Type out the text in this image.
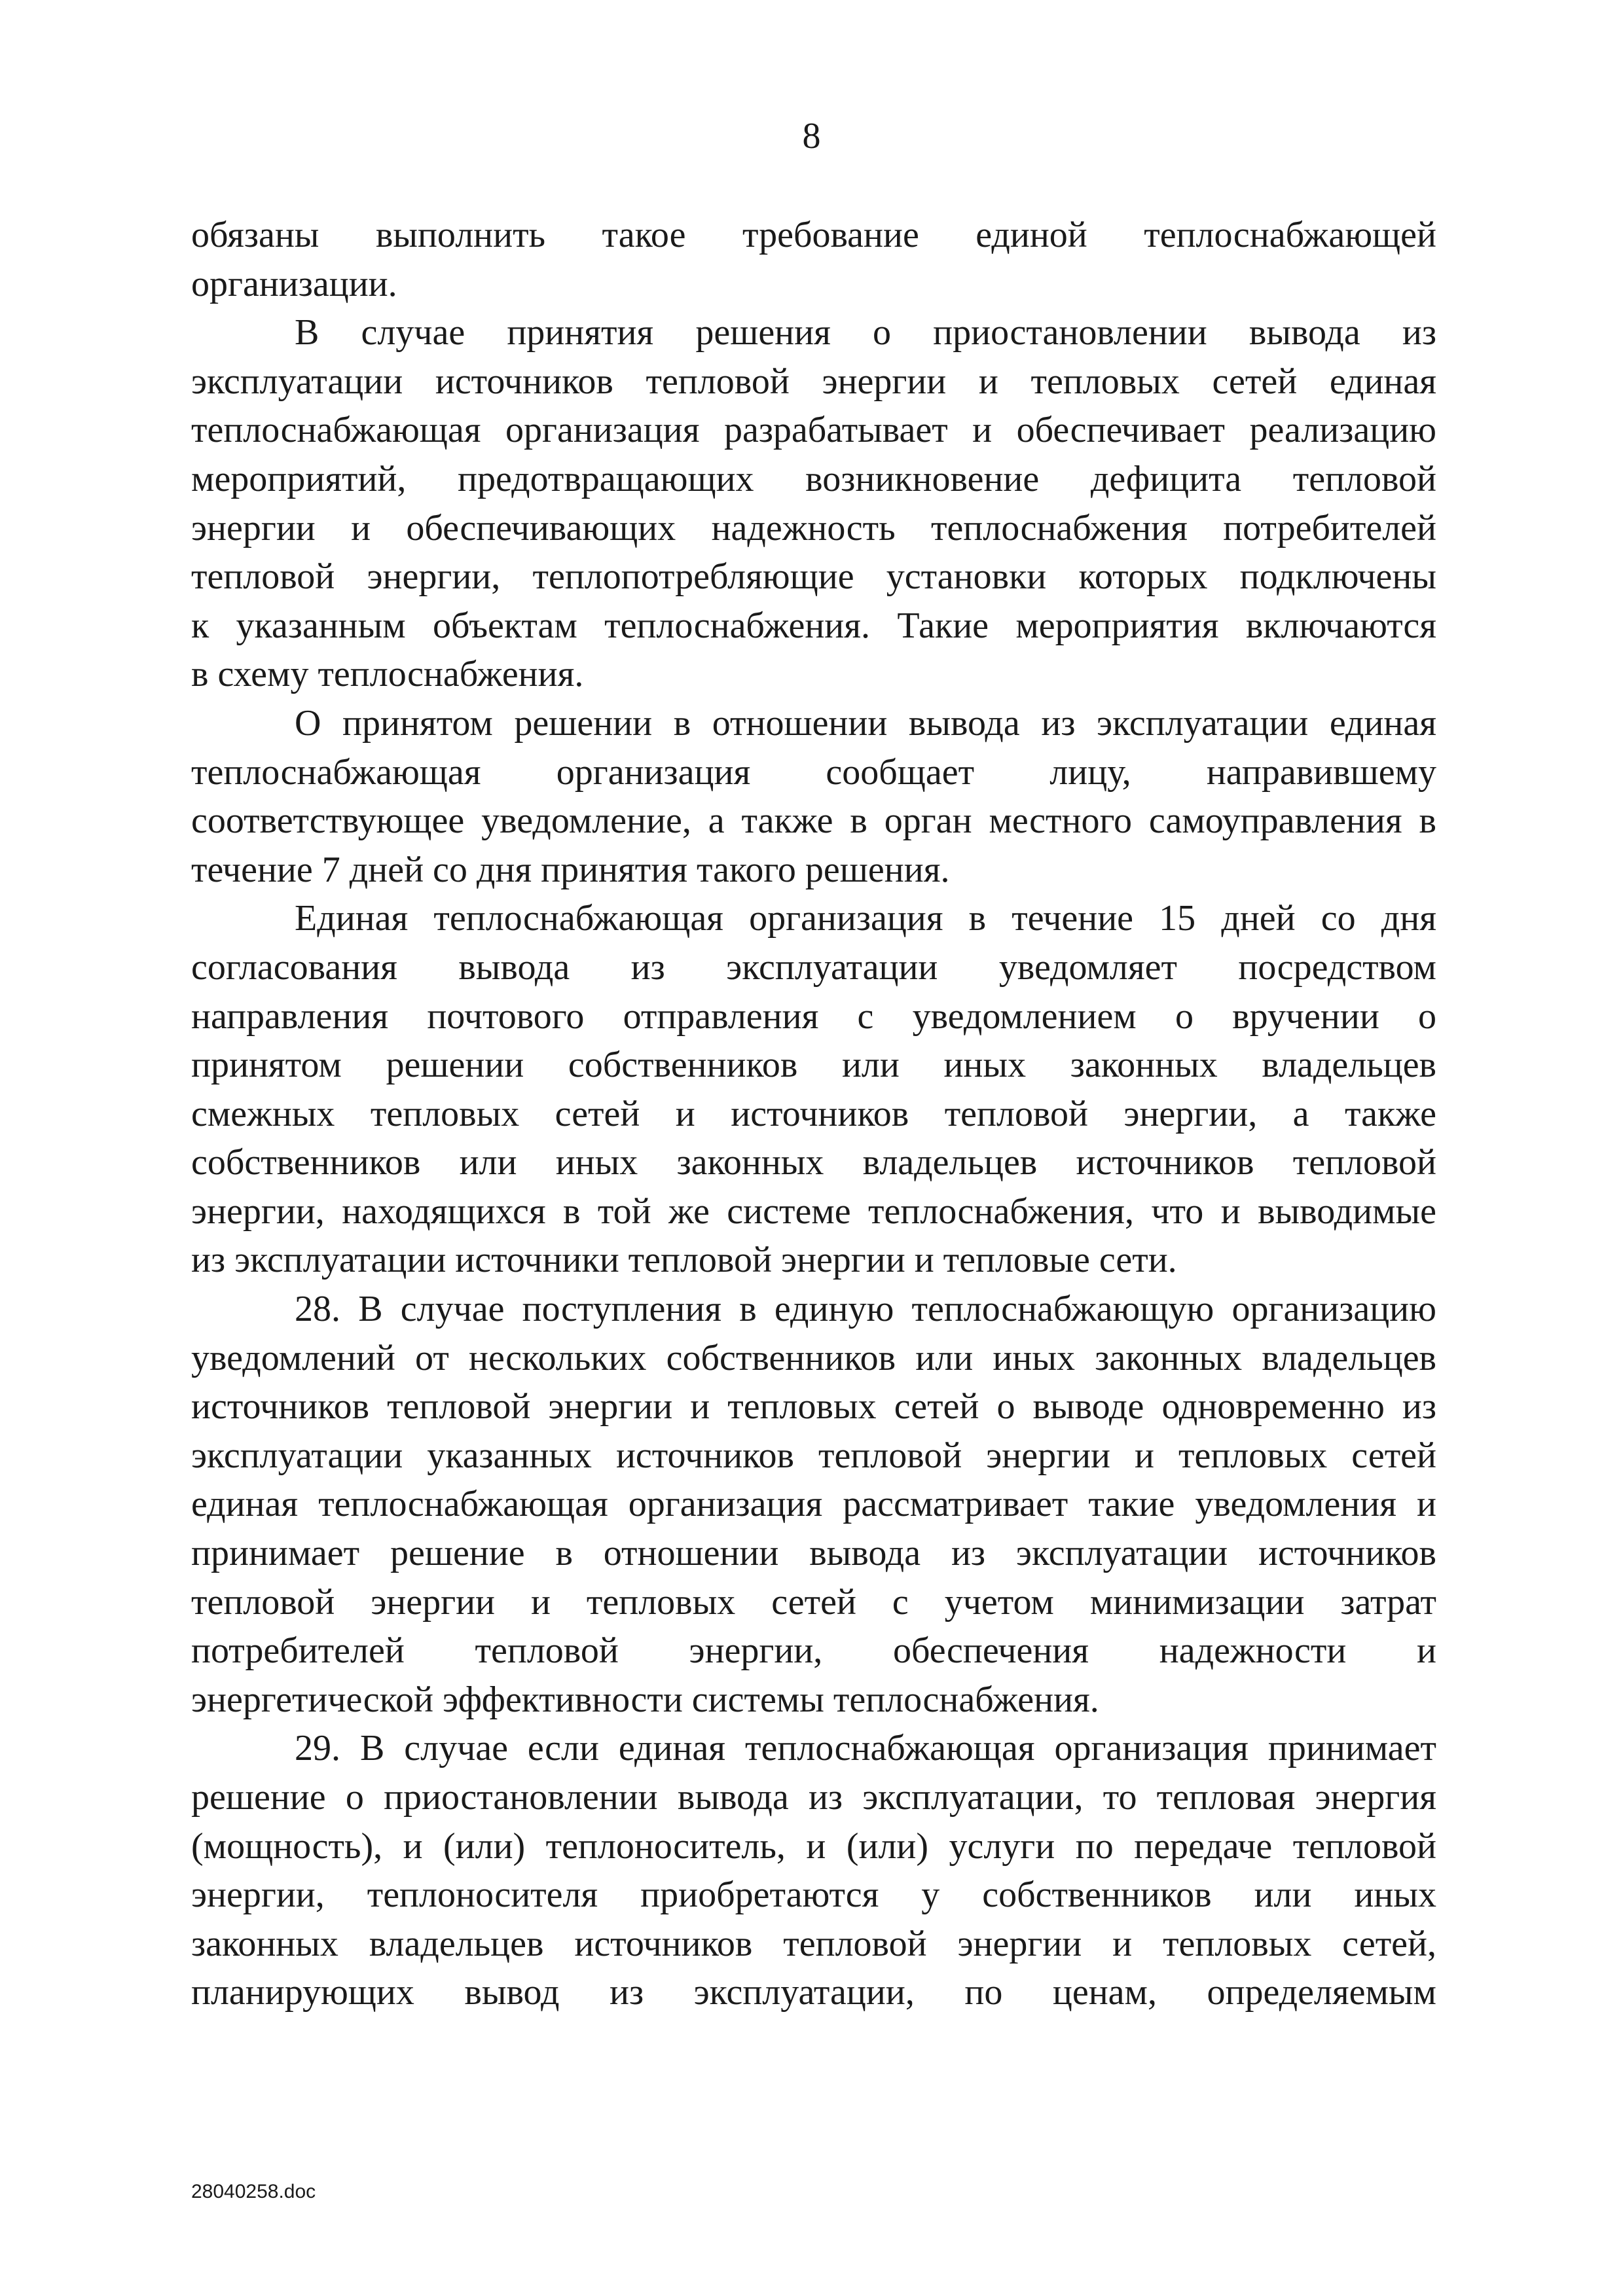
8
обязаны выполнить такое требование единой теплоснабжающей
организации.
В случае принятия решения о приостановлении вывода из
эксплуатации источников тепловой энергии и тепловых сетей единая
теплоснабжающая организация разрабатывает и обеспечивает реализацию
мероприятий, предотвращающих возникновение дефицита тепловой
энергии и обеспечивающих надежность теплоснабжения потребителей
тепловой энергии, теплопотребляющие установки которых подключены
к указанным объектам теплоснабжения. Такие мероприятия включаются
в схему теплоснабжения.
О принятом решении в отношении вывода из эксплуатации единая
теплоснабжающая организация сообщает лицу, направившему
соответствующее уведомление, а также в орган местного самоуправления в
течение 7 дней со дня принятия такого решения.
Единая теплоснабжающая организация в течение 15 дней со дня
согласования вывода из эксплуатации уведомляет посредством
направления почтового отправления с уведомлением о вручении о
принятом решении собственников или иных законных владельцев
смежных тепловых сетей и источников тепловой энергии, а также
собственников или иных законных владельцев источников тепловой
энергии, находящихся в той же системе теплоснабжения, что и выводимые
из эксплуатации источники тепловой энергии и тепловые сети.
28. В случае поступления в единую теплоснабжающую организацию
уведомлений от нескольких собственников или иных законных владельцев
источников тепловой энергии и тепловых сетей о выводе одновременно из
эксплуатации указанных источников тепловой энергии и тепловых сетей
единая теплоснабжающая организация рассматривает такие уведомления и
принимает решение в отношении вывода из эксплуатации источников
тепловой энергии и тепловых сетей с учетом минимизации затрат
потребителей тепловой энергии, обеспечения надежности и
энергетической эффективности системы теплоснабжения.
29. В случае если единая теплоснабжающая организация принимает
решение о приостановлении вывода из эксплуатации, то тепловая энергия
(мощность), и (или) теплоноситель, и (или) услуги по передаче тепловой
энергии, теплоносителя приобретаются у собственников или иных
законных владельцев источников тепловой энергии и тепловых сетей,
планирующих вывод из эксплуатации, по ценам, определяемым
28040258.doc
